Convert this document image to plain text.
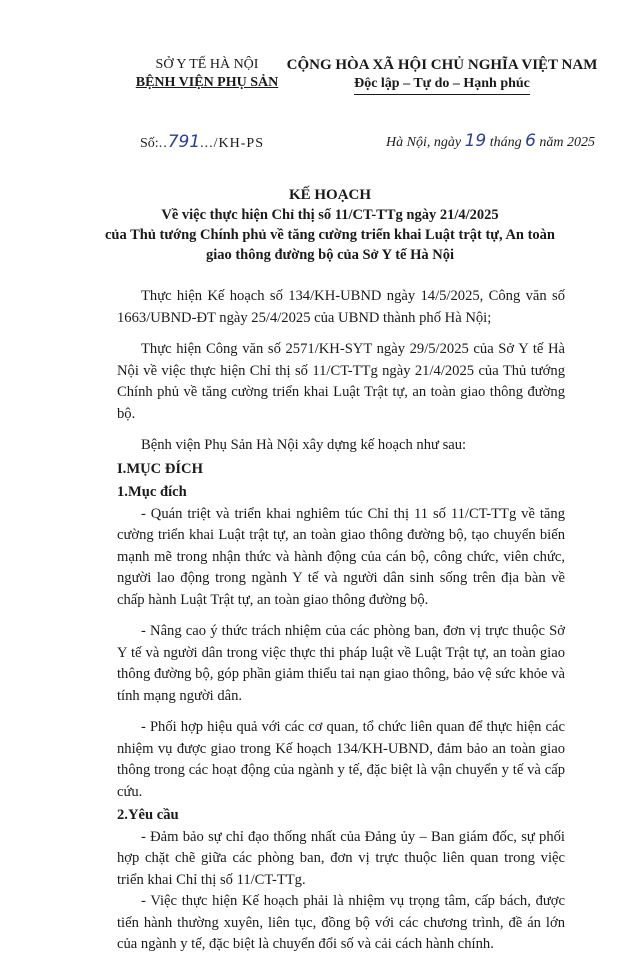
SỞ Y TẾ HÀ NỘI
BỆNH VIỆN PHỤ SẢN
CỘNG HÒA XÃ HỘI CHỦ NGHĨA VIỆT NAM
Độc lập – Tự do – Hạnh phúc
Số:..791.../KH-PS	Hà Nội, ngày 19 tháng 6 năm 2025
KẾ HOẠCH
Về việc thực hiện Chỉ thị số 11/CT-TTg ngày 21/4/2025
của Thủ tướng Chính phủ về tăng cường triển khai Luật trật tự, An toàn
giao thông đường bộ của Sở Y tế Hà Nội

Thực hiện Kế hoạch số 134/KH-UBND ngày 14/5/2025, Công văn số 1663/UBND-ĐT ngày 25/4/2025 của UBND thành phố Hà Nội;

Thực hiện Công văn số 2571/KH-SYT ngày 29/5/2025 của Sở Y tế Hà Nội về việc thực hiện Chỉ thị số 11/CT-TTg ngày 21/4/2025 của Thủ tướng Chính phủ về tăng cường triển khai Luật Trật tự, an toàn giao thông đường bộ.

Bệnh viện Phụ Sản Hà Nội xây dựng kế hoạch như sau:

I.MỤC ĐÍCH

1.Mục đích

- Quán triệt và triển khai nghiêm túc Chỉ thị 11 số 11/CT-TTg về tăng cường triển khai Luật trật tự, an toàn giao thông đường bộ, tạo chuyển biến mạnh mẽ trong nhận thức và hành động của cán bộ, công chức, viên chức, người lao động trong ngành Y tế và người dân sinh sống trên địa bàn về chấp hành Luật Trật tự, an toàn giao thông đường bộ.

- Nâng cao ý thức trách nhiệm của các phòng ban, đơn vị trực thuộc Sở Y tế và người dân trong việc thực thi pháp luật về Luật Trật tự, an toàn giao thông đường bộ, góp phần giảm thiểu tai nạn giao thông, bảo vệ sức khỏe và tính mạng người dân.

- Phối hợp hiệu quả với các cơ quan, tổ chức liên quan để thực hiện các nhiệm vụ được giao trong Kế hoạch 134/KH-UBND, đảm bảo an toàn giao thông trong các hoạt động của ngành y tế, đặc biệt là vận chuyển y tế và cấp cứu.

2.Yêu cầu

- Đảm bảo sự chỉ đạo thống nhất của Đảng ủy – Ban giám đốc, sự phối hợp chặt chẽ giữa các phòng ban, đơn vị trực thuộc liên quan trong việc triển khai Chỉ thị số 11/CT-TTg.

- Việc thực hiện Kế hoạch phải là nhiệm vụ trọng tâm, cấp bách, được tiến hành thường xuyên, liên tục, đồng bộ với các chương trình, đề án lớn của ngành y tế, đặc biệt là chuyển đổi số và cải cách hành chính.
